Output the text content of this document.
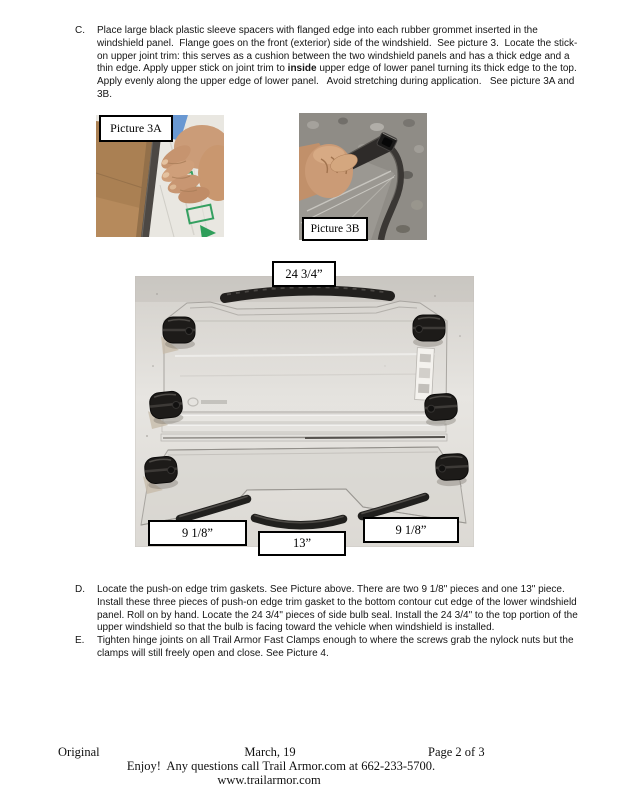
C.	Place large black plastic sleeve spacers with flanged edge into each rubber grommet inserted in the windshield panel.  Flange goes on the front (exterior) side of the windshield.  See picture 3.  Locate the stick-on upper joint trim: this serves as a cushion between the two windshield panels and has a thick edge and a thin edge. Apply upper stick on joint trim to inside upper edge of lower panel turning its thick edge to the top.  Apply evenly along the upper edge of lower panel.   Avoid stretching during application.   See picture 3A and 3B.
Picture 3A
Picture 3B
24 3/4”
9 1/8”
13”
9 1/8”
D.	Locate the push-on edge trim gaskets. See Picture above. There are two 9 1/8" pieces and one 13" piece.  Install these three pieces of push-on edge trim gasket to the bottom contour cut edge of the lower windshield panel. Roll on by hand. Locate the 24 3/4" pieces of side bulb seal. Install the 24 3/4" to the top portion of the upper windshield so that the bulb is facing toward the vehicle when windshield is installed.
E.	Tighten hinge joints on all Trail Armor Fast Clamps enough to where the screws grab the nylock nuts but the clamps will still freely open and close. See Picture 4.
Original	March, 19	Page 2 of 3
Enjoy!  Any questions call Trail Armor.com at 662-233-5700.
www.trailarmor.com
